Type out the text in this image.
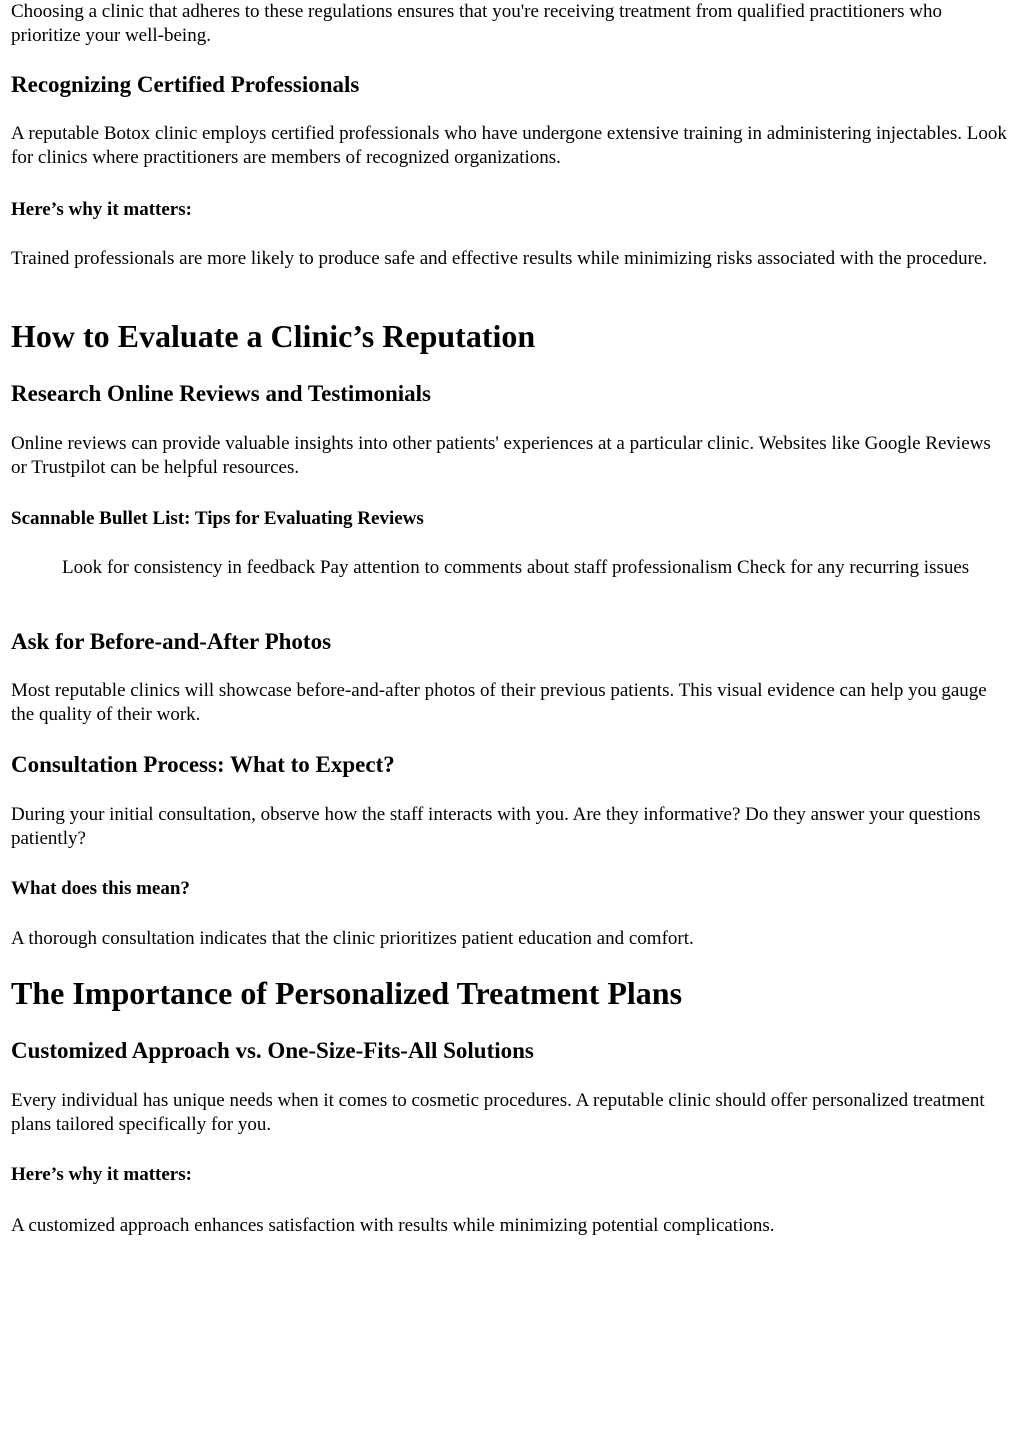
Choosing a clinic that adheres to these regulations ensures that you're receiving treatment from qualified practitioners who prioritize your well-being.

Recognizing Certified Professionals

A reputable Botox clinic employs certified professionals who have undergone extensive training in administering injectables. Look for clinics where practitioners are members of recognized organizations.

Here’s why it matters:

Trained professionals are more likely to produce safe and effective results while minimizing risks associated with the procedure.

How to Evaluate a Clinic’s Reputation
Research Online Reviews and Testimonials

Online reviews can provide valuable insights into other patients' experiences at a particular clinic. Websites like Google Reviews or Trustpilot can be helpful resources.

Scannable Bullet List: Tips for Evaluating Reviews

Look for consistency in feedback Pay attention to comments about staff professionalism Check for any recurring issues

Ask for Before-and-After Photos

Most reputable clinics will showcase before-and-after photos of their previous patients. This visual evidence can help you gauge the quality of their work.

Consultation Process: What to Expect?

During your initial consultation, observe how the staff interacts with you. Are they informative? Do they answer your questions patiently?

What does this mean?

A thorough consultation indicates that the clinic prioritizes patient education and comfort.

The Importance of Personalized Treatment Plans
Customized Approach vs. One-Size-Fits-All Solutions

Every individual has unique needs when it comes to cosmetic procedures. A reputable clinic should offer personalized treatment plans tailored specifically for you.

Here’s why it matters:

A customized approach enhances satisfaction with results while minimizing potential complications.
